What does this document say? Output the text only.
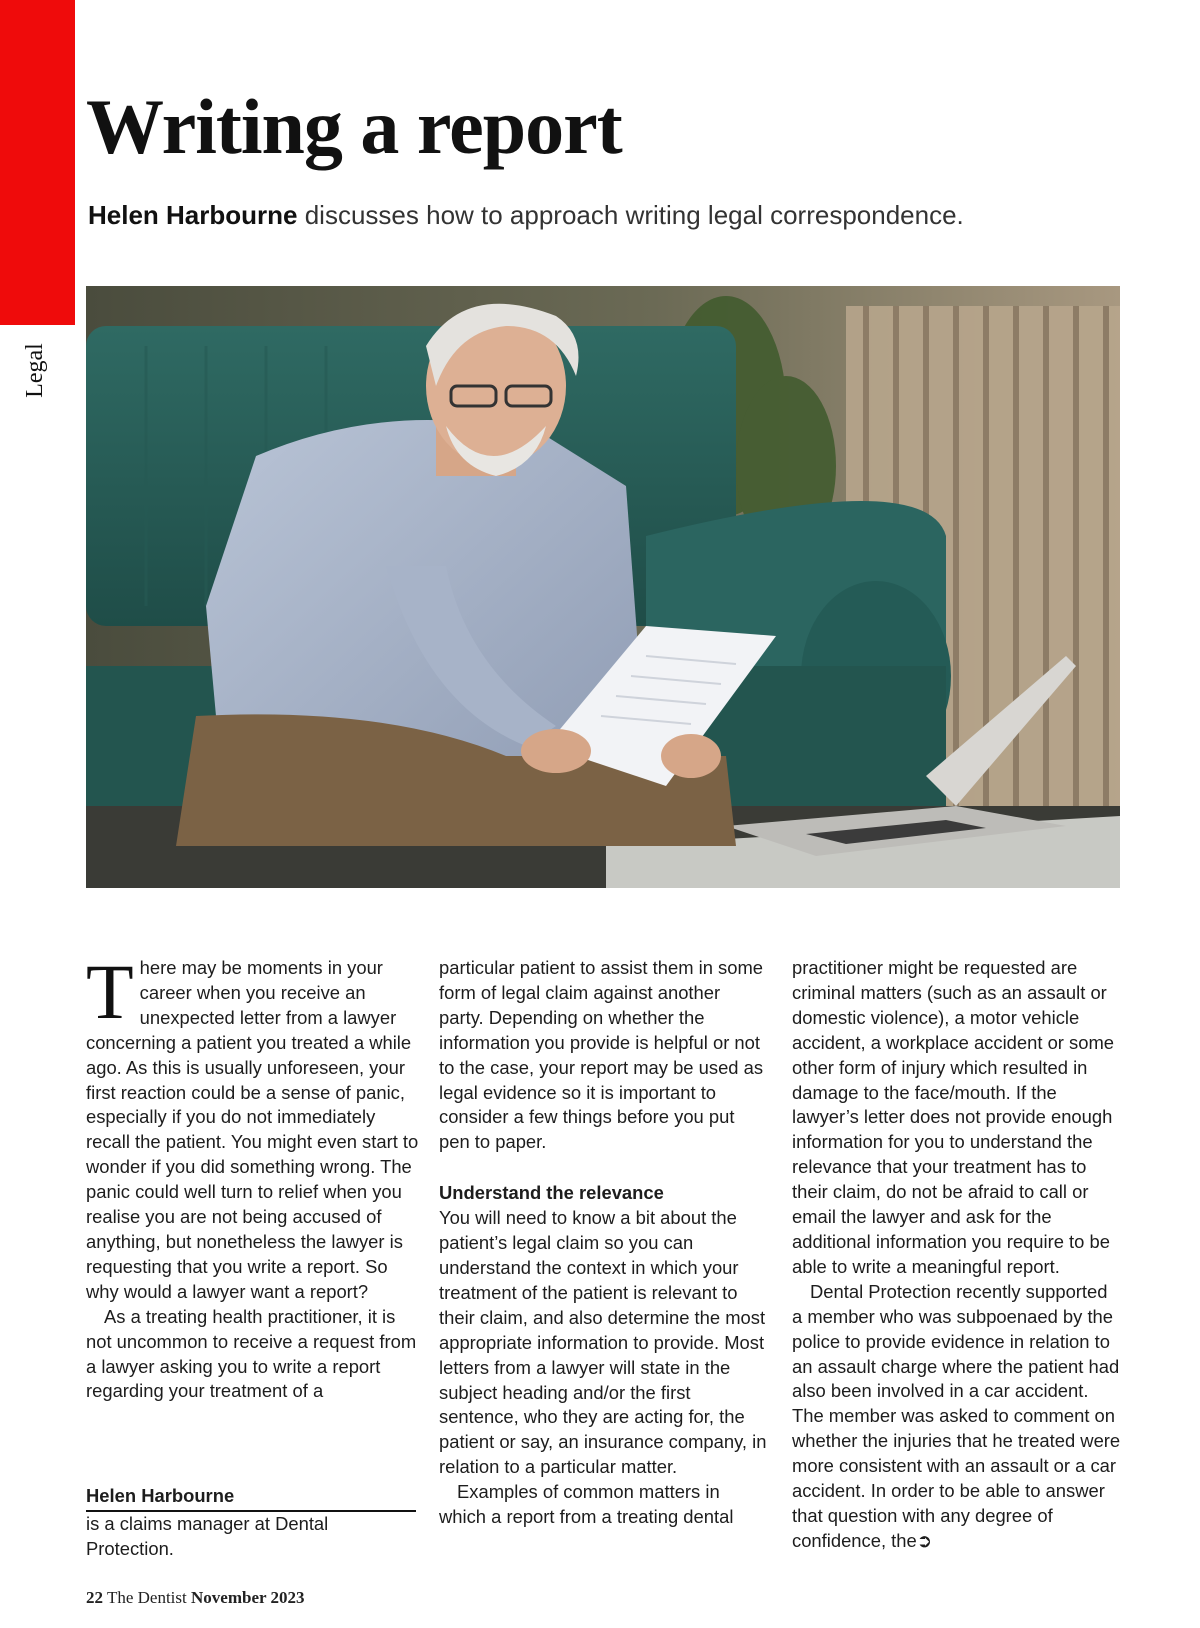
Legal
Writing a report

Helen Harbourne discusses how to approach writing legal correspondence.

There may be moments in your career when you receive an unexpected letter from a lawyer concerning a patient you treated a while ago. As this is usually unforeseen, your first reaction could be a sense of panic, especially if you do not immediately recall the patient. You might even start to wonder if you did something wrong. The panic could well turn to relief when you realise you are not being accused of anything, but nonetheless the lawyer is requesting that you write a report. So why would a lawyer want a report?

As a treating health practitioner, it is not uncommon to receive a request from a lawyer asking you to write a report regarding your treatment of a

particular patient to assist them in some form of legal claim against another party. Depending on whether the information you provide is helpful or not to the case, your report may be used as legal evidence so it is important to consider a few things before you put pen to paper.

Understand the relevance

You will need to know a bit about the patient’s legal claim so you can understand the context in which your treatment of the patient is relevant to their claim, and also determine the most appropriate information to provide. Most letters from a lawyer will state in the subject heading and/or the first sentence, who they are acting for, the patient or say, an insurance company, in relation to a particular matter.

Examples of common matters in which a report from a treating dental

practitioner might be requested are criminal matters (such as an assault or domestic violence), a motor vehicle accident, a workplace accident or some other form of injury which resulted in damage to the face/mouth. If the lawyer’s letter does not provide enough information for you to understand the relevance that your treatment has to their claim, do not be afraid to call or email the lawyer and ask for the additional information you require to be able to write a meaningful report.

Dental Protection recently supported a member who was subpoenaed by the police to provide evidence in relation to an assault charge where the patient had also been involved in a car accident. The member was asked to comment on whether the injuries that he treated were more consistent with an assault or a car accident. In order to be able to answer that question with any degree of confidence, the➲

Helen Harbourne
is a claims manager at Dental Protection.
22 The Dentist November 2023
